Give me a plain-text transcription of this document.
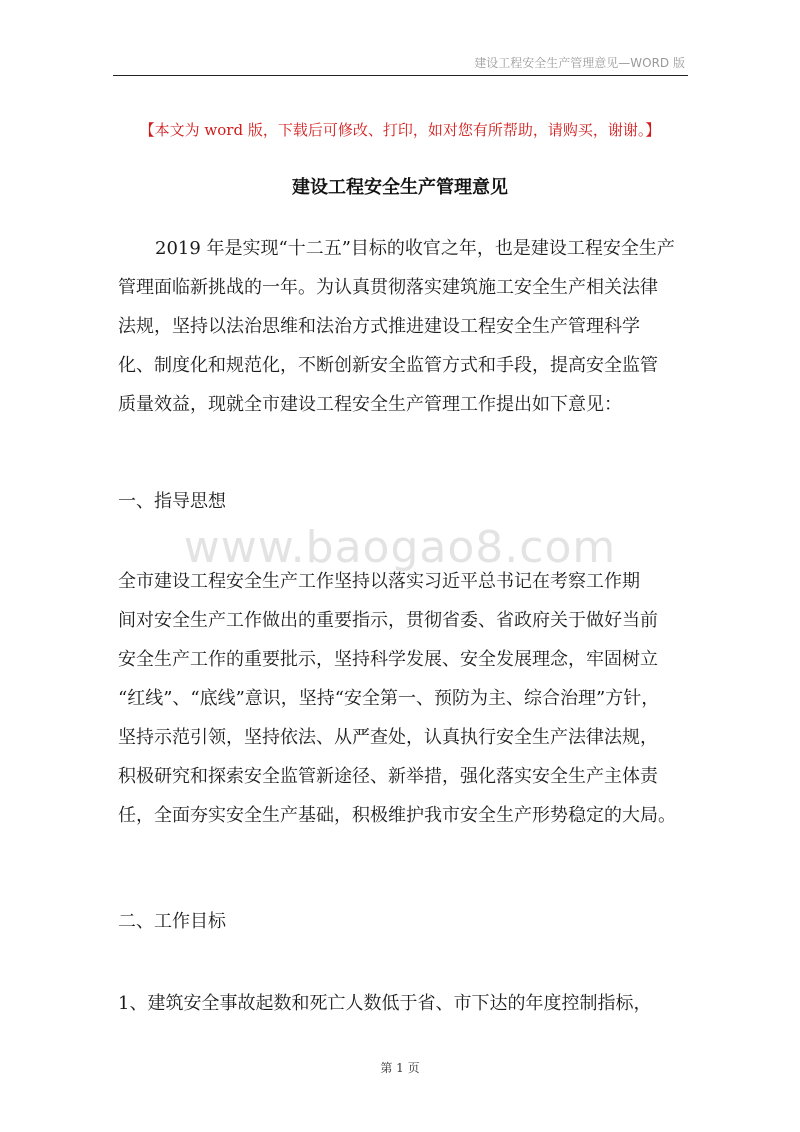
建设工程安全生产管理意见—WORD 版
【本文为 word 版，下载后可修改、打印，如对您有所帮助，请购买，谢谢。】
建设工程安全生产管理意见
2019 年是实现“十二五”目标的收官之年，也是建设工程安全生产
管理面临新挑战的一年。为认真贯彻落实建筑施工安全生产相关法律
法规，坚持以法治思维和法治方式推进建设工程安全生产管理科学
化、制度化和规范化，不断创新安全监管方式和手段，提高安全监管
质量效益，现就全市建设工程安全生产管理工作提出如下意见：
一、指导思想
www.baogao8.com
全市建设工程安全生产工作坚持以落实习近平总书记在考察工作期
间对安全生产工作做出的重要指示，贯彻省委、省政府关于做好当前
安全生产工作的重要批示，坚持科学发展、安全发展理念，牢固树立
“红线”、“底线”意识，坚持“安全第一、预防为主、综合治理”方针，
坚持示范引领，坚持依法、从严查处，认真执行安全生产法律法规，
积极研究和探索安全监管新途径、新举措，强化落实安全生产主体责
任，全面夯实安全生产基础，积极维护我市安全生产形势稳定的大局。
二、工作目标
1、建筑安全事故起数和死亡人数低于省、市下达的年度控制指标，
第 1 页
